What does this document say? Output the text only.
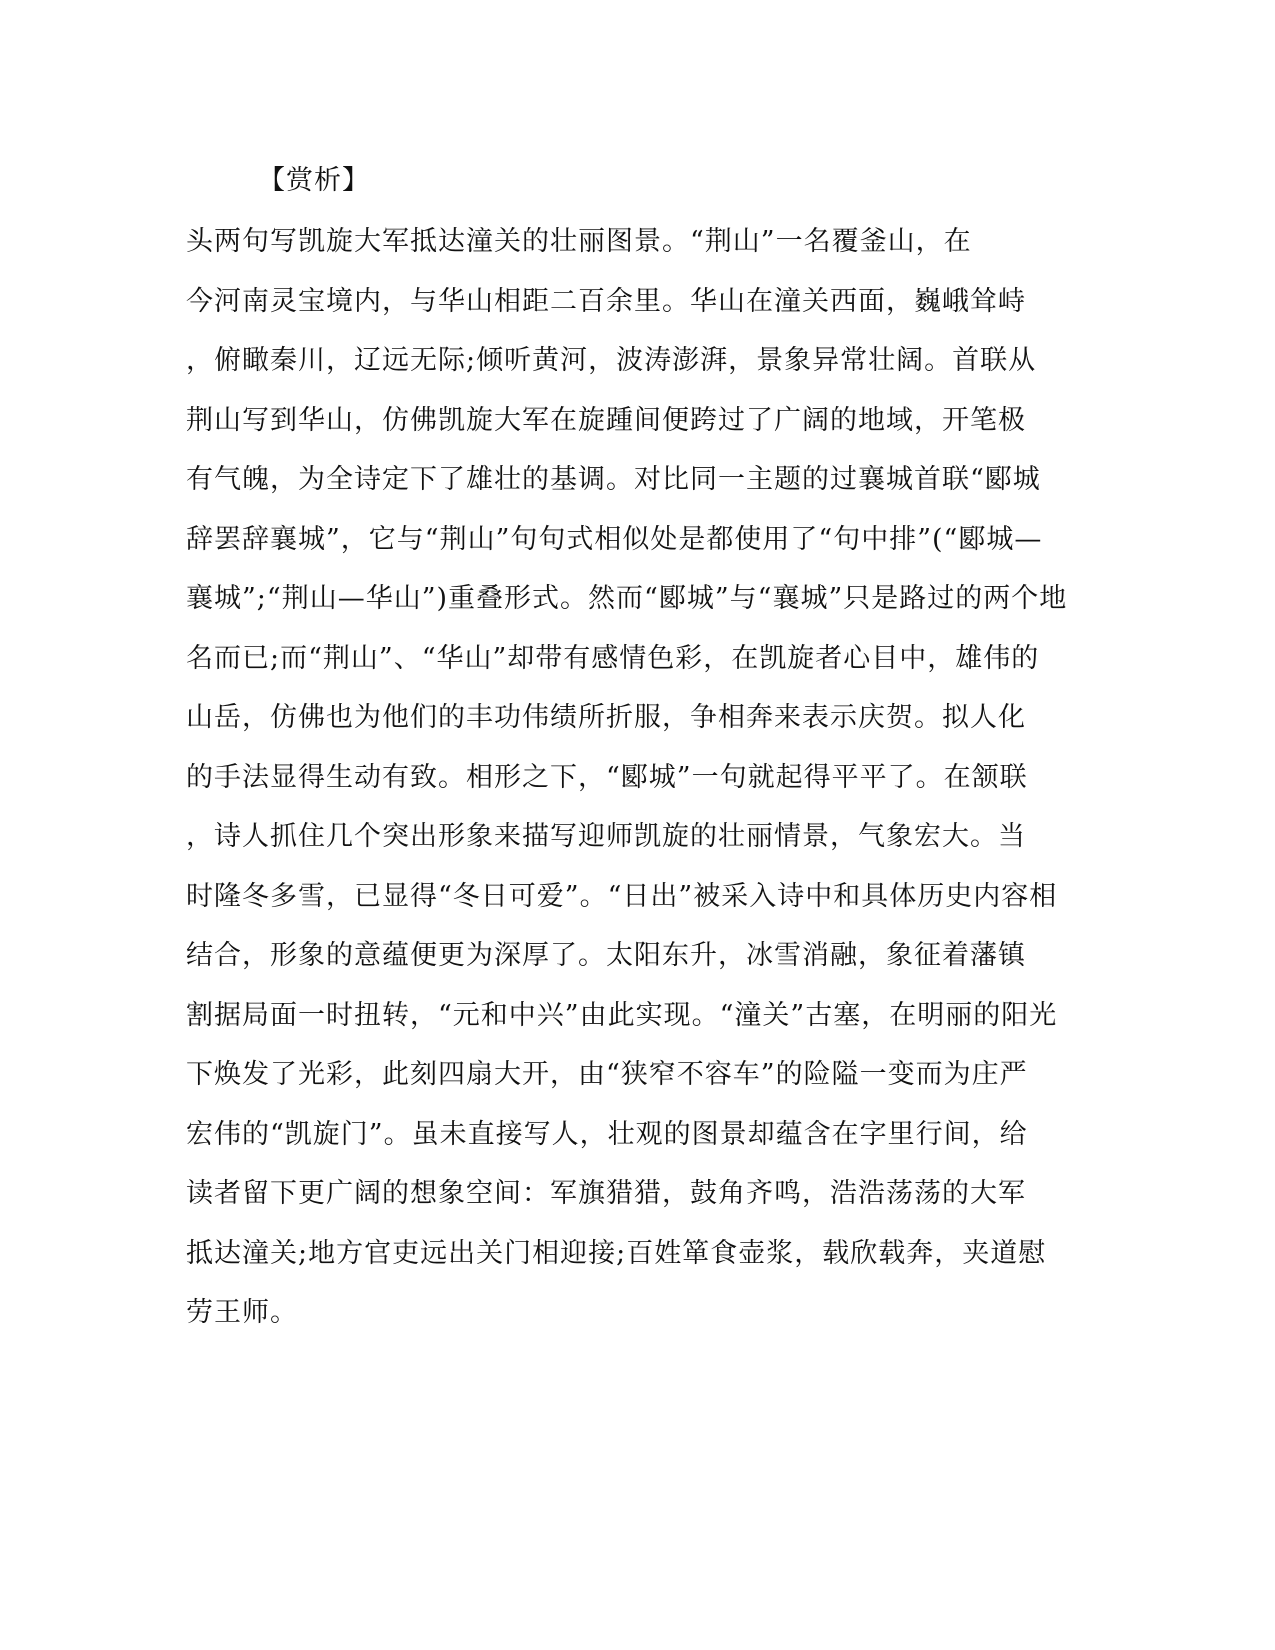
【赏析】
头两句写凯旋大军抵达潼关的壮丽图景。“荆山”一名覆釜山，在
今河南灵宝境内，与华山相距二百余里。华山在潼关西面，巍峨耸峙
，俯瞰秦川，辽远无际;倾听黄河，波涛澎湃，景象异常壮阔。首联从
荆山写到华山，仿佛凯旋大军在旋踵间便跨过了广阔的地域，开笔极
有气魄，为全诗定下了雄壮的基调。对比同一主题的过襄城首联“郾城
辞罢辞襄城”，它与“荆山”句句式相似处是都使用了“句中排”(“郾城—
襄城”;“荆山—华山”)重叠形式。然而“郾城”与“襄城”只是路过的两个地
名而已;而“荆山”、“华山”却带有感情色彩，在凯旋者心目中，雄伟的
山岳，仿佛也为他们的丰功伟绩所折服，争相奔来表示庆贺。拟人化
的手法显得生动有致。相形之下，“郾城”一句就起得平平了。在颔联
，诗人抓住几个突出形象来描写迎师凯旋的壮丽情景，气象宏大。当
时隆冬多雪，已显得“冬日可爱”。“日出”被采入诗中和具体历史内容相
结合，形象的意蕴便更为深厚了。太阳东升，冰雪消融，象征着藩镇
割据局面一时扭转，“元和中兴”由此实现。“潼关”古塞，在明丽的阳光
下焕发了光彩，此刻四扇大开，由“狭窄不容车”的险隘一变而为庄严
宏伟的“凯旋门”。虽未直接写人，壮观的图景却蕴含在字里行间，给
读者留下更广阔的想象空间：军旗猎猎，鼓角齐鸣，浩浩荡荡的大军
抵达潼关;地方官吏远出关门相迎接;百姓箪食壶浆，载欣载奔，夹道慰
劳王师。
